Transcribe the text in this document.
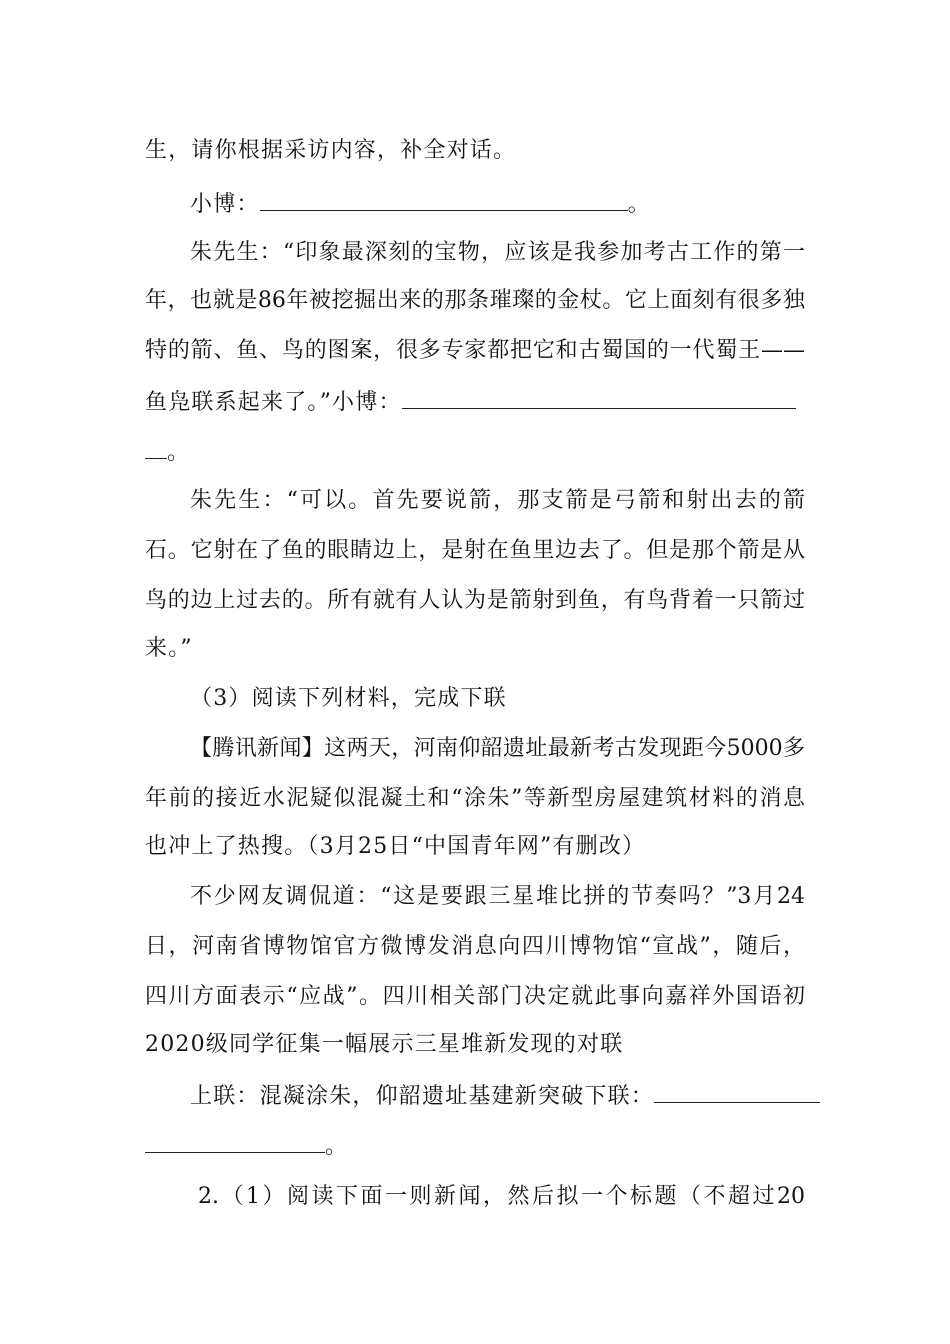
生，请你根据采访内容，补全对话。
小博：	。
朱先生：“印象最深刻的宝物，应该是我参加考古工作的第一
年，也就是86年被挖掘出来的那条璀璨的金杖。它上面刻有很多独
特的箭、鱼、鸟的图案，很多专家都把它和古蜀国的一代蜀王——
鱼凫联系起来了。”小博：
。
朱先生：“可以。首先要说箭，那支箭是弓箭和射出去的箭
石。它射在了鱼的眼睛边上，是射在鱼里边去了。但是那个箭是从
鸟的边上过去的。所有就有人认为是箭射到鱼，有鸟背着一只箭过
来。”
（3）阅读下列材料，完成下联
【腾讯新闻】这两天，河南仰韶遗址最新考古发现距今5000多
年前的接近水泥疑似混凝土和“涂朱”等新型房屋建筑材料的消息
也冲上了热搜。（3月25日“中国青年网”有删改）
不少网友调侃道：“这是要跟三星堆比拼的节奏吗？”3月24
日，河南省博物馆官方微博发消息向四川博物馆“宣战”，随后，
四川方面表示“应战”。四川相关部门决定就此事向嘉祥外国语初
2020级同学征集一幅展示三星堆新发现的对联
上联：混凝涂朱，仰韶遗址基建新突破下联：
。
2.（1）阅读下面一则新闻，然后拟一个标题（不超过20
